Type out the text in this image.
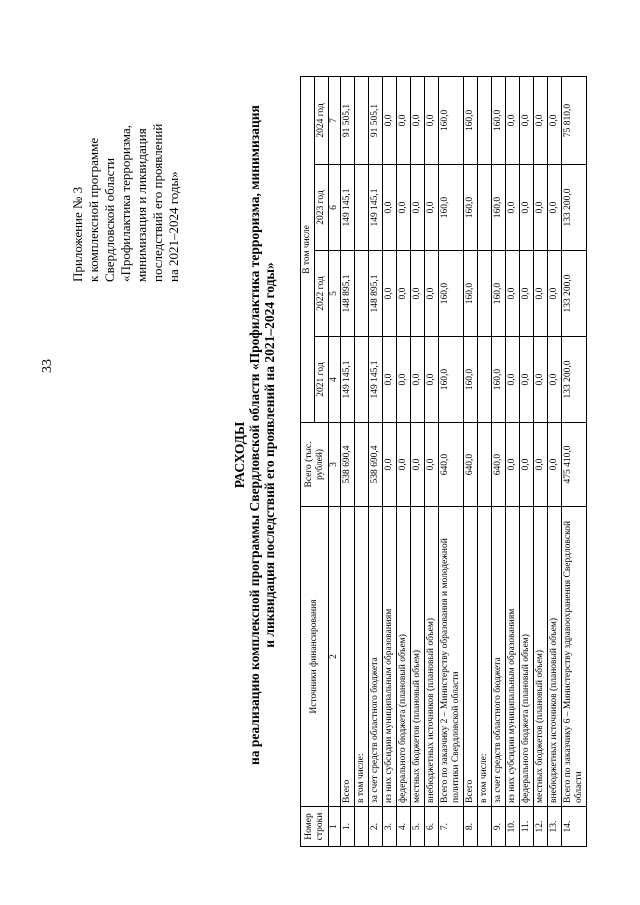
33
Приложение № 3 к комплексной программе Свердловской области «Профилактика терроризма, минимизация и ликвидация последствий его проявлений на 2021–2024 годы»
РАСХОДЫ на реализацию комплексной программы Свердловской области «Профилактика терроризма, минимизация и ликвидация последствий его проявлений на 2021–2024 годы»
Номер строки	Источники финансирования	Всего (тыс. рублей)	В том числе			
			2021 год	2022 год	2023 год	2024 год
1	2	3	4	5	6	7
1.	Всего	538 690,4	149 145,1	148 895,1	149 145,1	91 505,1
	в том числе:					
2.	за счет средств областного бюджета	538 690,4	149 145,1	148 895,1	149 145,1	91 505,1
3.	из них субсидии муниципальным образованиям	0,0	0,0	0,0	0,0	0,0
4.	федерального бюджета (плановый объем)	0,0	0,0	0,0	0,0	0,0
5.	местных бюджетов (плановый объем)	0,0	0,0	0,0	0,0	0,0
6.	внебюджетных источников (плановый объем)	0,0	0,0	0,0	0,0	0,0
7.	Всего по заказчику 2 – Министерству образования и молодежной политики Свердловской области	640,0	160,0	160,0	160,0	160,0
8.	Всего	640,0	160,0	160,0	160,0	160,0
	в том числе:					
9.	за счет средств областного бюджета	640,0	160,0	160,0	160,0	160,0
10.	из них субсидии муниципальным образованиям	0,0	0,0	0,0	0,0	0,0
11.	федерального бюджета (плановый объем)	0,0	0,0	0,0	0,0	0,0
12.	местных бюджетов (плановый объем)	0,0	0,0	0,0	0,0	0,0
13.	внебюджетных источников (плановый объем)	0,0	0,0	0,0	0,0	0,0
14.	Всего по заказчику 6 – Министерству здравоохранения Свердловской области	475 410,0	133 200,0	133 200,0	133 200,0	75 810,0
